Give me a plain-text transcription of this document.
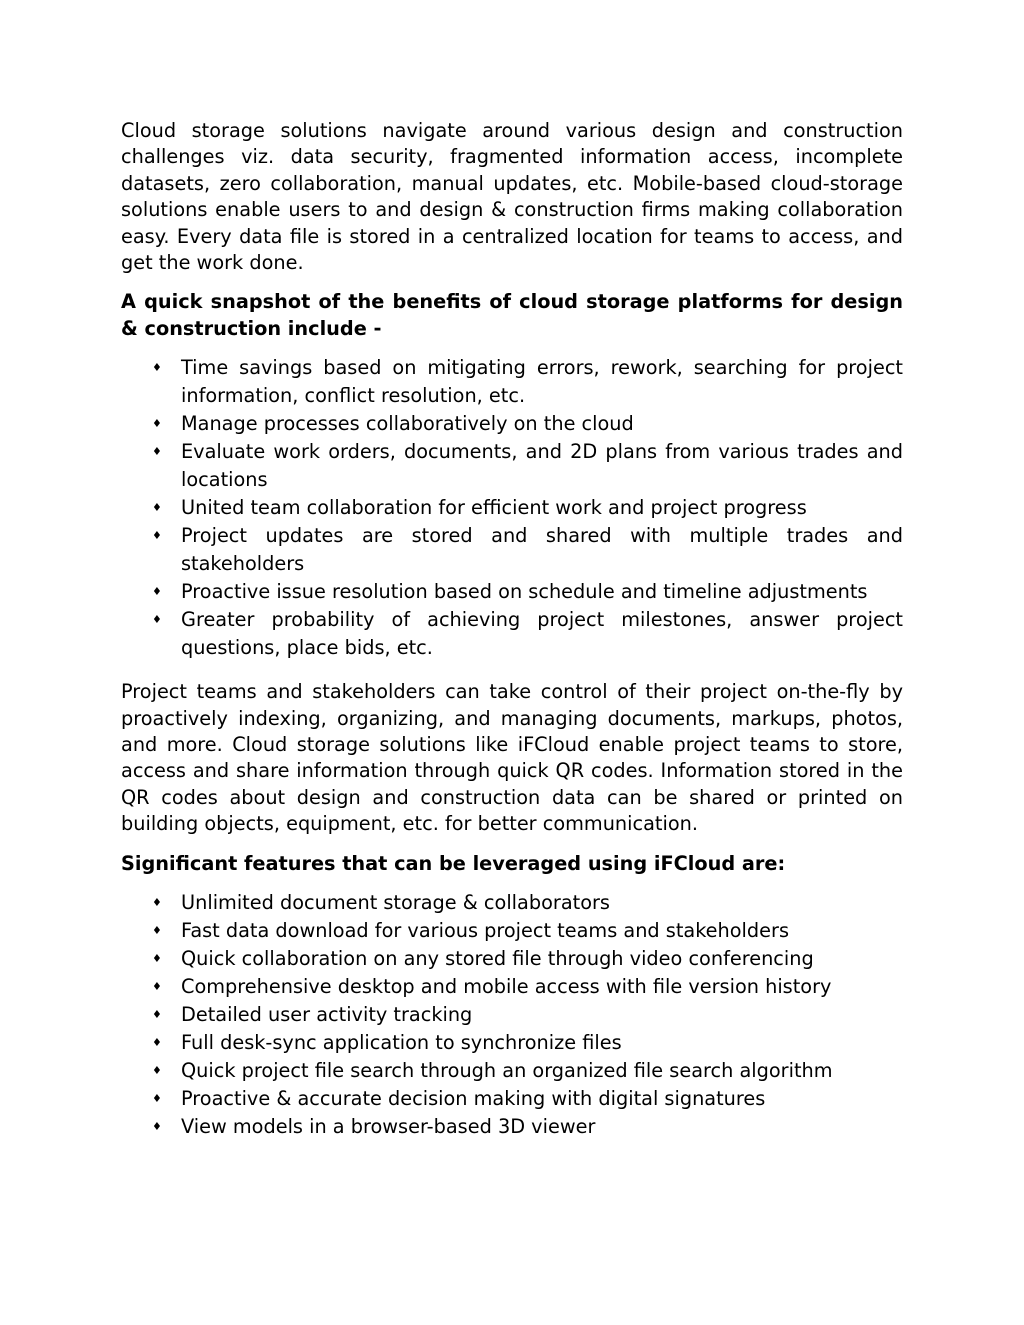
Cloud storage solutions navigate around various design and construction challenges viz. data security, fragmented information access, incomplete datasets, zero collaboration, manual updates, etc. Mobile-based cloud-storage solutions enable users to and design & construction firms making collaboration easy. Every data file is stored in a centralized location for teams to access, and get the work done.

A quick snapshot of the benefits of cloud storage platforms for design & construction include -

♦ Time savings based on mitigating errors, rework, searching for project information, conflict resolution, etc.
♦ Manage processes collaboratively on the cloud
♦ Evaluate work orders, documents, and 2D plans from various trades and locations
♦ United team collaboration for efficient work and project progress
♦ Project updates are stored and shared with multiple trades and stakeholders
♦ Proactive issue resolution based on schedule and timeline adjustments
♦ Greater probability of achieving project milestones, answer project questions, place bids, etc.

Project teams and stakeholders can take control of their project on-the-fly by proactively indexing, organizing, and managing documents, markups, photos, and more. Cloud storage solutions like iFCloud enable project teams to store, access and share information through quick QR codes. Information stored in the QR codes about design and construction data can be shared or printed on building objects, equipment, etc. for better communication.

Significant features that can be leveraged using iFCloud are:

♦ Unlimited document storage & collaborators
♦ Fast data download for various project teams and stakeholders
♦ Quick collaboration on any stored file through video conferencing
♦ Comprehensive desktop and mobile access with file version history
♦ Detailed user activity tracking
♦ Full desk-sync application to synchronize files
♦ Quick project file search through an organized file search algorithm
♦ Proactive & accurate decision making with digital signatures
♦ View models in a browser-based 3D viewer
